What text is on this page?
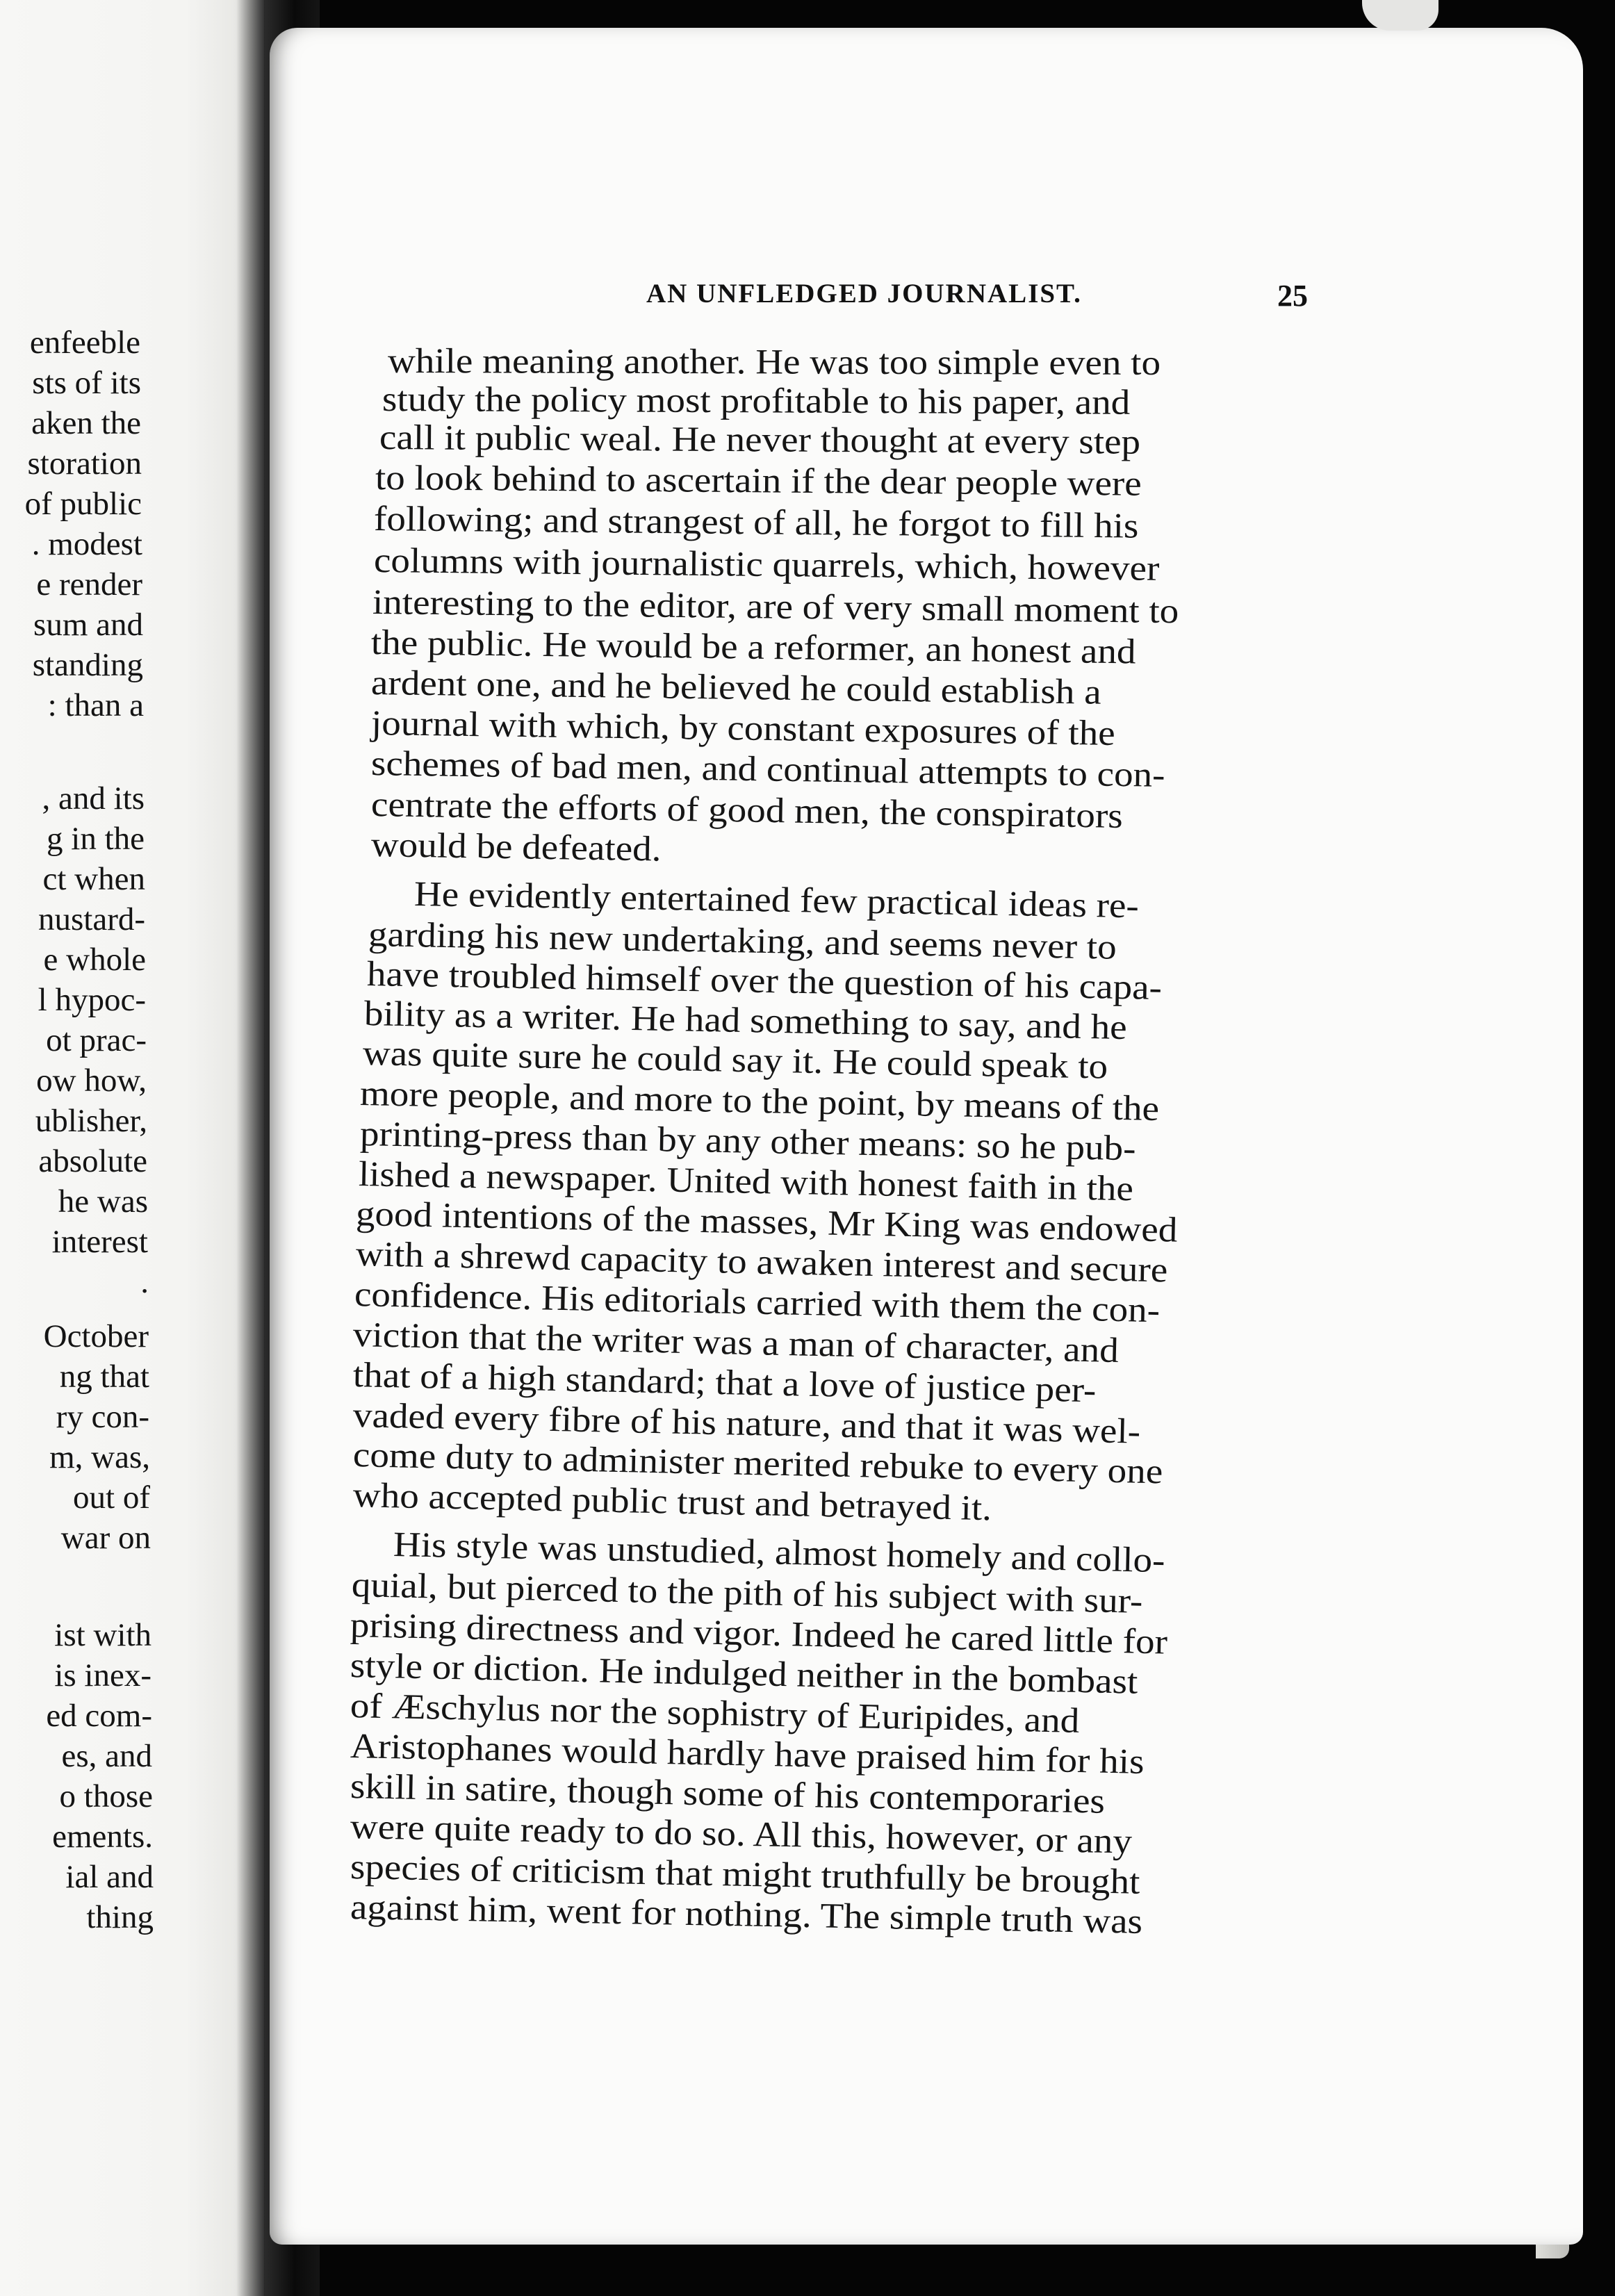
enfeeble
sts of its
aken the
storation
of public
. modest
e render
sum and
standing
: than a
, and its
g in the
ct when
nustard-
e whole
l hypoc-
ot prac-
ow how,
ublisher,
absolute
he was
interest
.
October
ng that
ry con-
m, was,
out of
war on
ist with
is inex-
ed com-
es, and
o those
ements.
ial and
thing
AN UNFLEDGED JOURNALIST.	25
while meaning another. He was too simple even to
study the policy most profitable to his paper, and
call it public weal. He never thought at every step
to look behind to ascertain if the dear people were
following; and strangest of all, he forgot to fill his
columns with journalistic quarrels, which, however
interesting to the editor, are of very small moment to
the public. He would be a reformer, an honest and
ardent one, and he believed he could establish a
journal with which, by constant exposures of the
schemes of bad men, and continual attempts to con-
centrate the efforts of good men, the conspirators
would be defeated.
He evidently entertained few practical ideas re-
garding his new undertaking, and seems never to
have troubled himself over the question of his capa-
bility as a writer. He had something to say, and he
was quite sure he could say it. He could speak to
more people, and more to the point, by means of the
printing-press than by any other means: so he pub-
lished a newspaper. United with honest faith in the
good intentions of the masses, Mr King was endowed
with a shrewd capacity to awaken interest and secure
confidence. His editorials carried with them the con-
viction that the writer was a man of character, and
that of a high standard; that a love of justice per-
vaded every fibre of his nature, and that it was wel-
come duty to administer merited rebuke to every one
who accepted public trust and betrayed it.
His style was unstudied, almost homely and collo-
quial, but pierced to the pith of his subject with sur-
prising directness and vigor. Indeed he cared little for
style or diction. He indulged neither in the bombast
of Æschylus nor the sophistry of Euripides, and
Aristophanes would hardly have praised him for his
skill in satire, though some of his contemporaries
were quite ready to do so. All this, however, or any
species of criticism that might truthfully be brought
against him, went for nothing. The simple truth was
